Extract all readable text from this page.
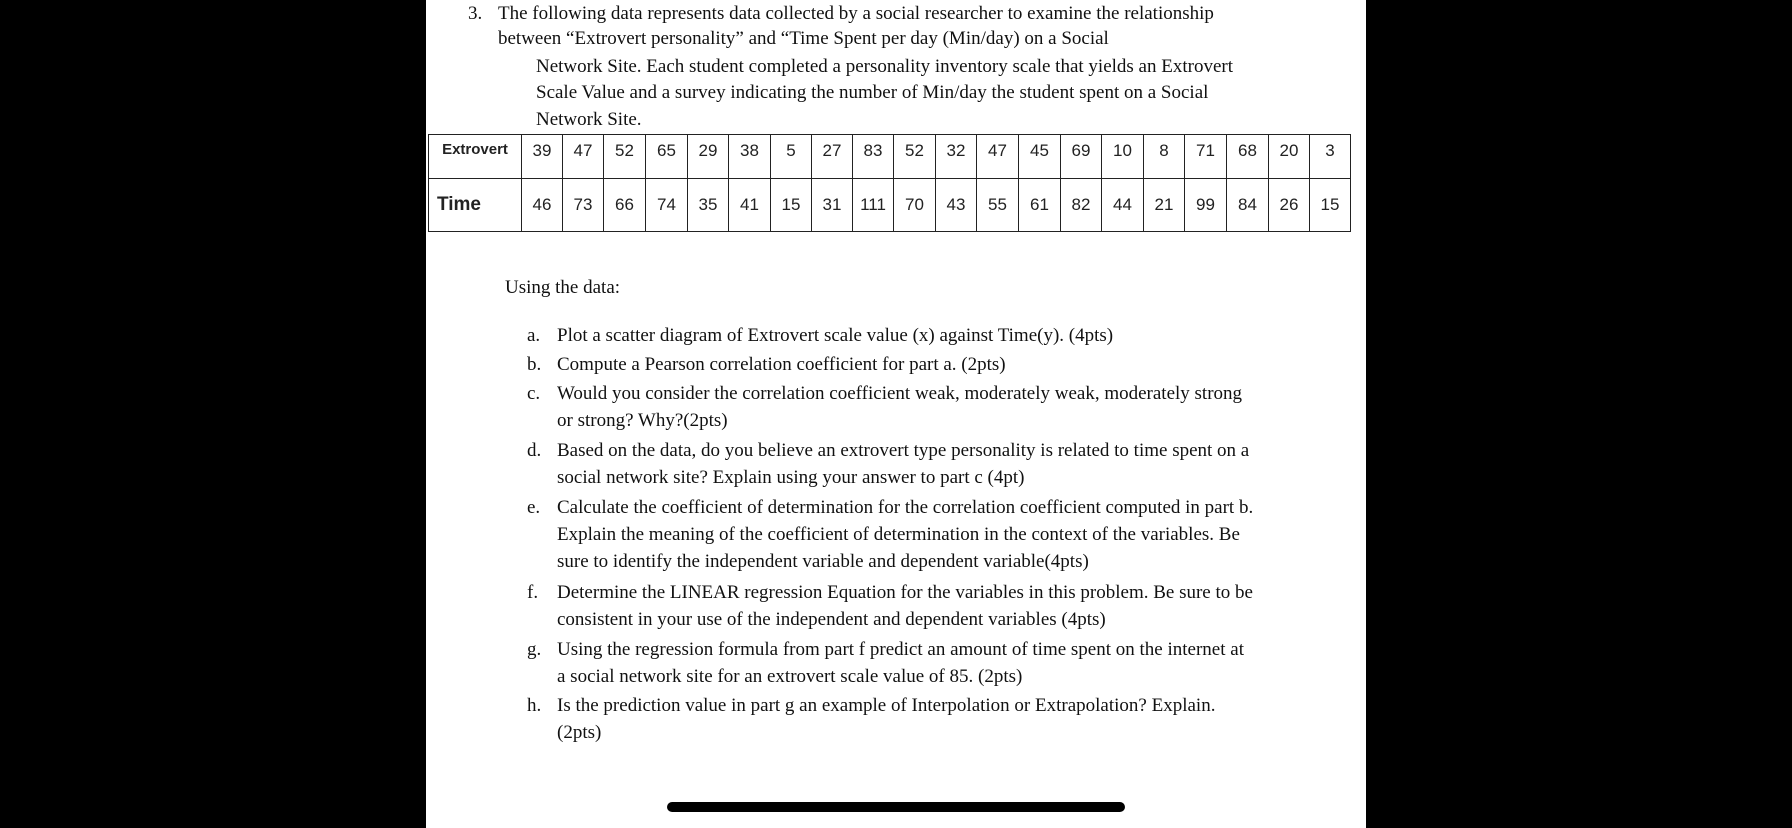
3. The following data represents data collected by a social researcher to examine the relationship
between “Extrovert personality” and “Time Spent per day (Min/day) on a Social
Network Site. Each student completed a personality inventory scale that yields an Extrovert
Scale Value and a survey indicating the number of Min/day the student spent on a Social
Network Site.
Extrovert	39	47	52	65	29	38	5	27	83	52	32	47	45	69	10	8	71	68	20	3
Time	46	73	66	74	35	41	15	31	111	70	43	55	61	82	44	21	99	84	26	15
Using the data:
a. Plot a scatter diagram of Extrovert scale value (x) against Time(y). (4pts)
b. Compute a Pearson correlation coefficient for part a. (2pts)
c. Would you consider the correlation coefficient weak, moderately weak, moderately strong
or strong? Why?(2pts)
d. Based on the data, do you believe an extrovert type personality is related to time spent on a
social network site? Explain using your answer to part c (4pt)
e. Calculate the coefficient of determination for the correlation coefficient computed in part b.
Explain the meaning of the coefficient of determination in the context of the variables. Be
sure to identify the independent variable and dependent variable(4pts)
f. Determine the LINEAR regression Equation for the variables in this problem. Be sure to be
consistent in your use of the independent and dependent variables (4pts)
g. Using the regression formula from part f predict an amount of time spent on the internet at
a social network site for an extrovert scale value of 85. (2pts)
h. Is the prediction value in part g an example of Interpolation or Extrapolation? Explain.
(2pts)
